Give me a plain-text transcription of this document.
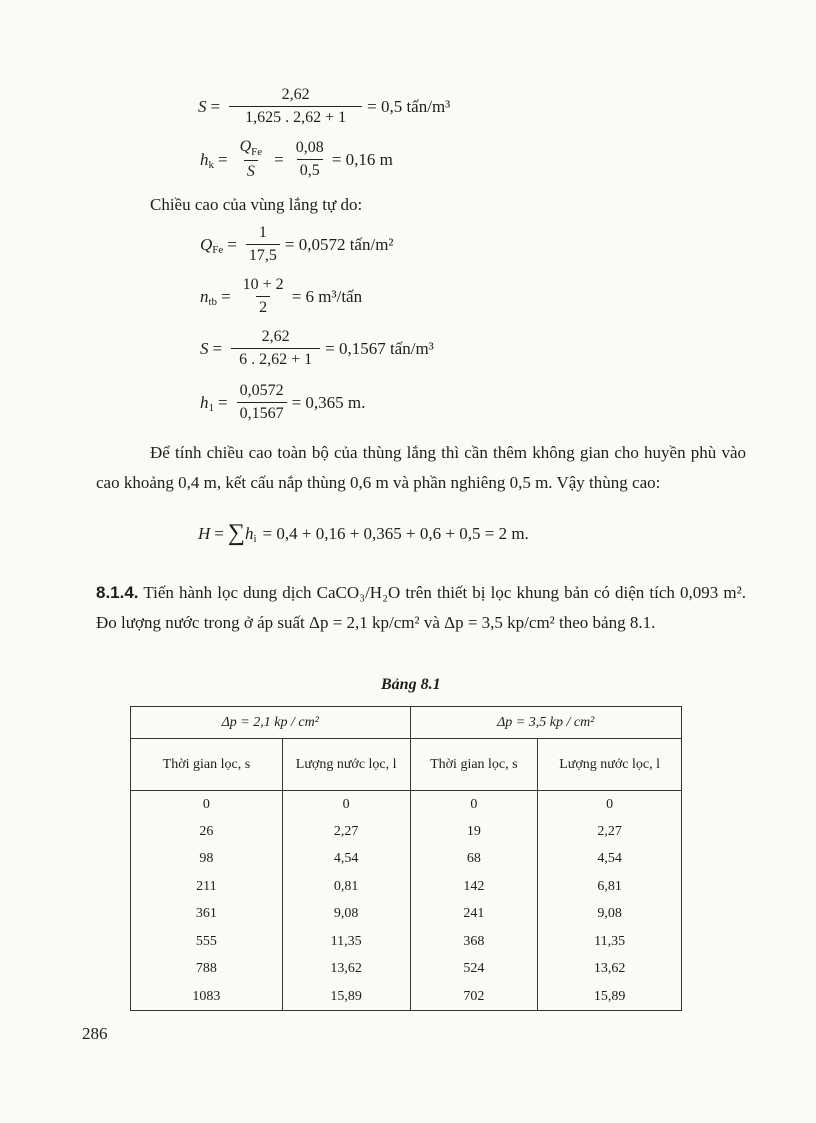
$S = \frac{2,62}{1,625 . 2,62 + 1} = 0,5$ tấn/m³
$h_k = \frac{Q_{Fe}}{S} = \frac{0,08}{0,5} = 0,16$ m
Chiều cao của vùng lắng tự do:
$Q_{Fe} = \frac{1}{17,5} = 0,0572$ tấn/m²
$n_{tb} = \frac{10 + 2}{2} = 6$ m³/tấn
$S = \frac{2,62}{6 . 2,62 + 1} = 0,1567$ tấn/m³
$h_1 = \frac{0,0572}{0,1567} = 0,365$ m.
Để tính chiều cao toàn bộ của thùng lắng thì cần thêm không gian cho huyền phù vào cao khoảng 0,4 m, kết cấu nắp thùng 0,6 m và phần nghiêng 0,5 m. Vậy thùng cao:
H = ∑ $h_i = 0,4 + 0,16 + 0,365 + 0,6 + 0,5 = 2$ m.
8.1.4. Tiến hành lọc dung dịch CaCO₃/H₂O trên thiết bị lọc khung bản có diện tích 0,093 m². Đo lượng nước trong ở áp suất Δp = 2,1 kp/cm² và Δp = 3,5 kp/cm² theo bảng 8.1.
Bảng 8.1
Δp = 2,1 kp / cm²		Δp = 3,5 kp / cm²	
Thời gian lọc, s	Lượng nước lọc, l	Thời gian lọc, s	Lượng nước lọc, l
0	0	0	0
26	2,27	19	2,27
98	4,54	68	4,54
211	0,81	142	6,81
361	9,08	241	9,08
555	11,35	368	11,35
788	13,62	524	13,62
1083	15,89	702	15,89
286
